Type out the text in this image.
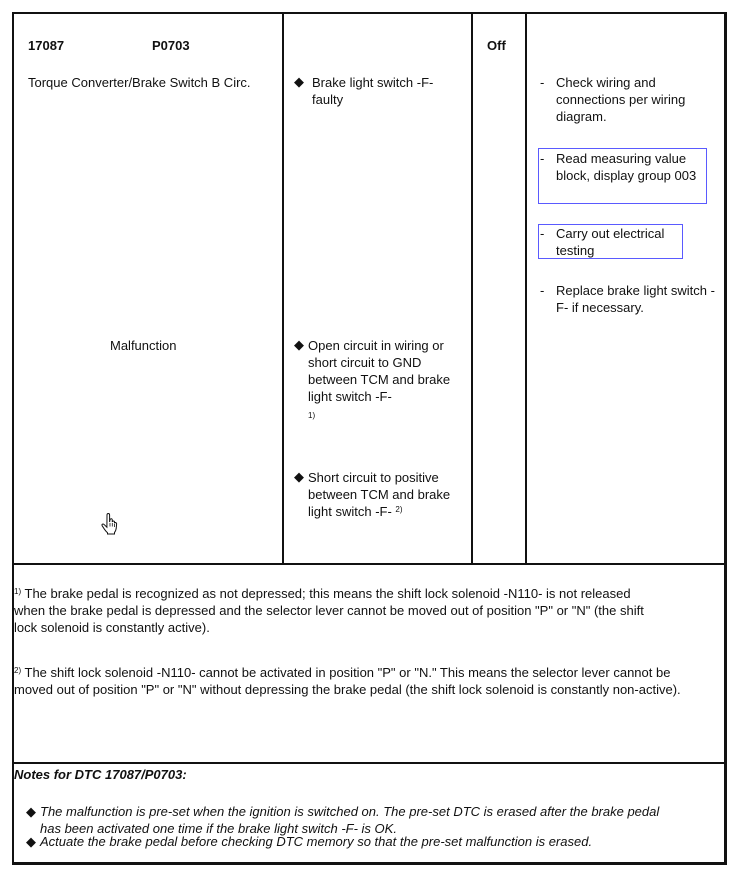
17087	P0703
Torque Converter/Brake Switch B Circ.
Malfunction
◆ Brake light switch -F- faulty
◆ Open circuit in wiring or short circuit to GND between TCM and brake light switch -F-
1)
◆ Short circuit to positive between TCM and brake light switch -F- $^{2)}$
Off
- Check wiring and connections per wiring diagram.
- Read measuring value block, display group 003
- Carry out electrical testing
- Replace brake light switch -F- if necessary.
$^{1)}$ The brake pedal is recognized as not depressed; this means the shift lock solenoid -N110- is not released when the brake pedal is depressed and the selector lever cannot be moved out of position "P" or "N" (the shift lock solenoid is constantly active).
$^{2)}$ The shift lock solenoid -N110- cannot be activated in position "P" or "N." This means the selector lever cannot be moved out of position "P" or "N" without depressing the brake pedal (the shift lock solenoid is constantly non-active).
Notes for DTC 17087/P0703:
◆ The malfunction is pre-set when the ignition is switched on. The pre-set DTC is erased after the brake pedal has been activated one time if the brake light switch -F- is OK.
◆ Actuate the brake pedal before checking DTC memory so that the pre-set malfunction is erased.
